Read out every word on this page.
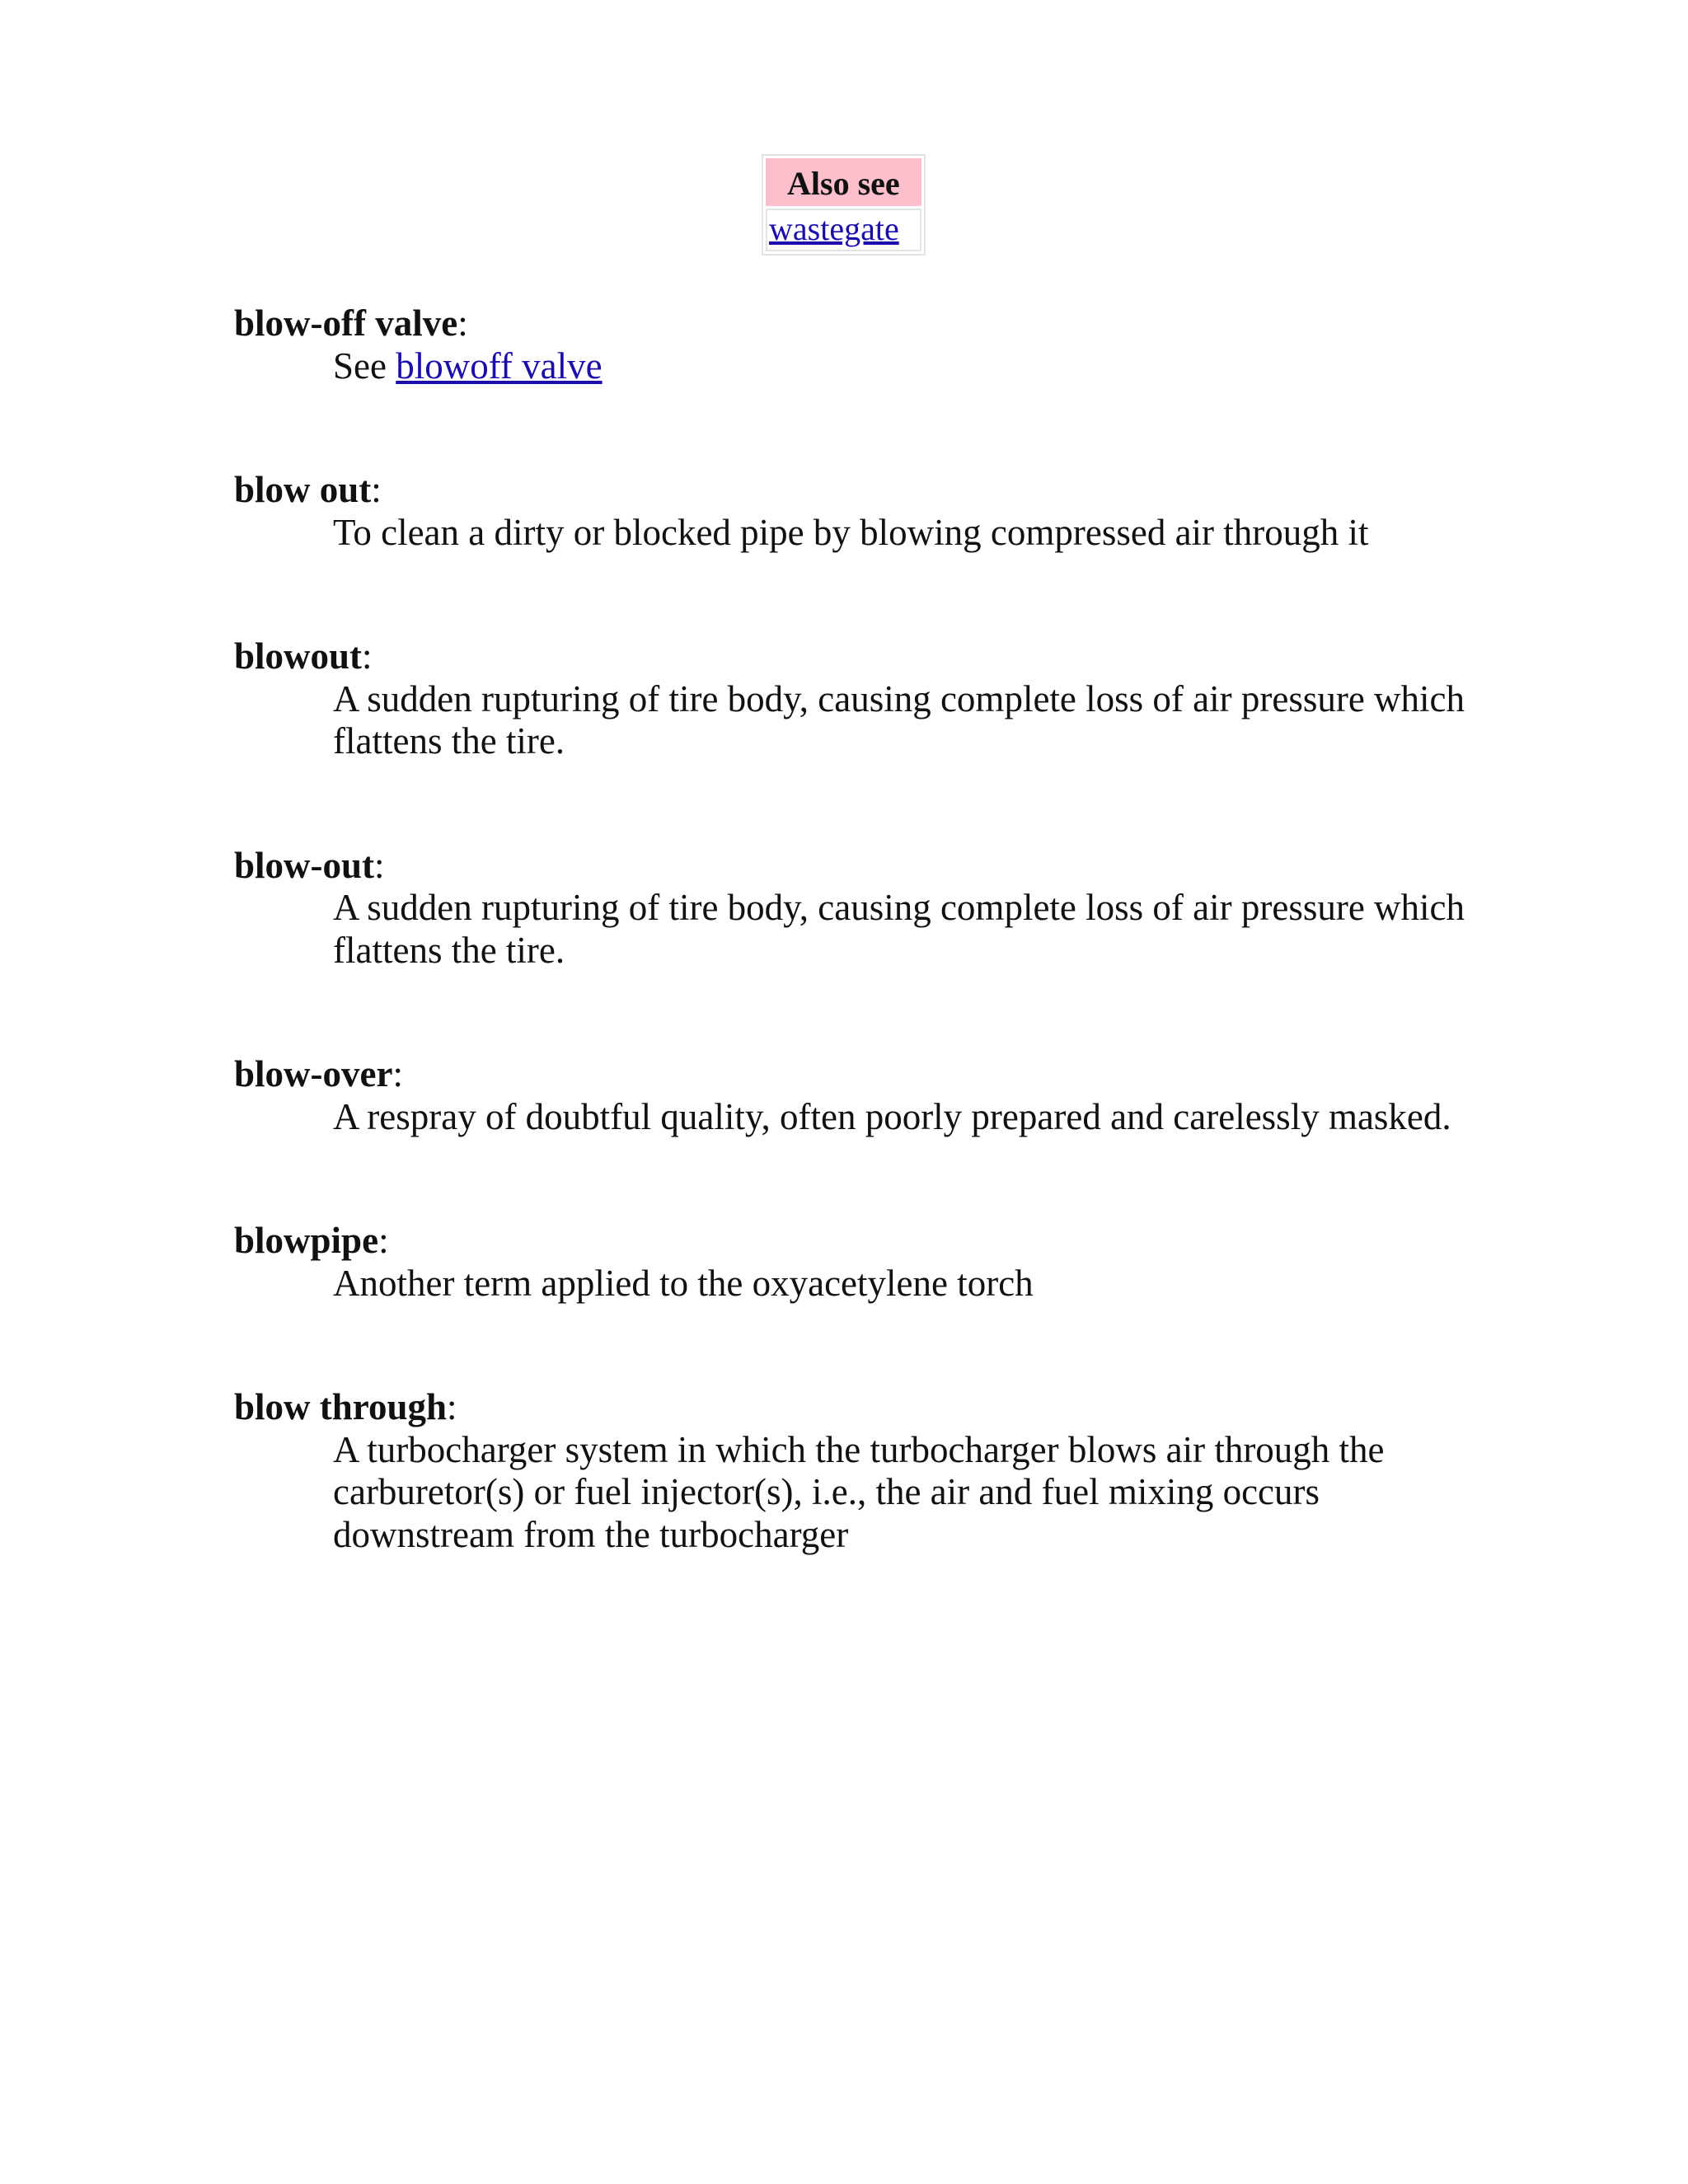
Also see
wastegate
blow-off valve:
See blowoff valve
blow out:
To clean a dirty or blocked pipe by blowing compressed air through it
blowout:
A sudden rupturing of tire body, causing complete loss of air pressure which flattens the tire.
blow-out:
A sudden rupturing of tire body, causing complete loss of air pressure which flattens the tire.
blow-over:
A respray of doubtful quality, often poorly prepared and carelessly masked.
blowpipe:
Another term applied to the oxyacetylene torch
blow through:
A turbocharger system in which the turbocharger blows air through the carburetor(s) or fuel injector(s), i.e., the air and fuel mixing occurs downstream from the turbocharger
